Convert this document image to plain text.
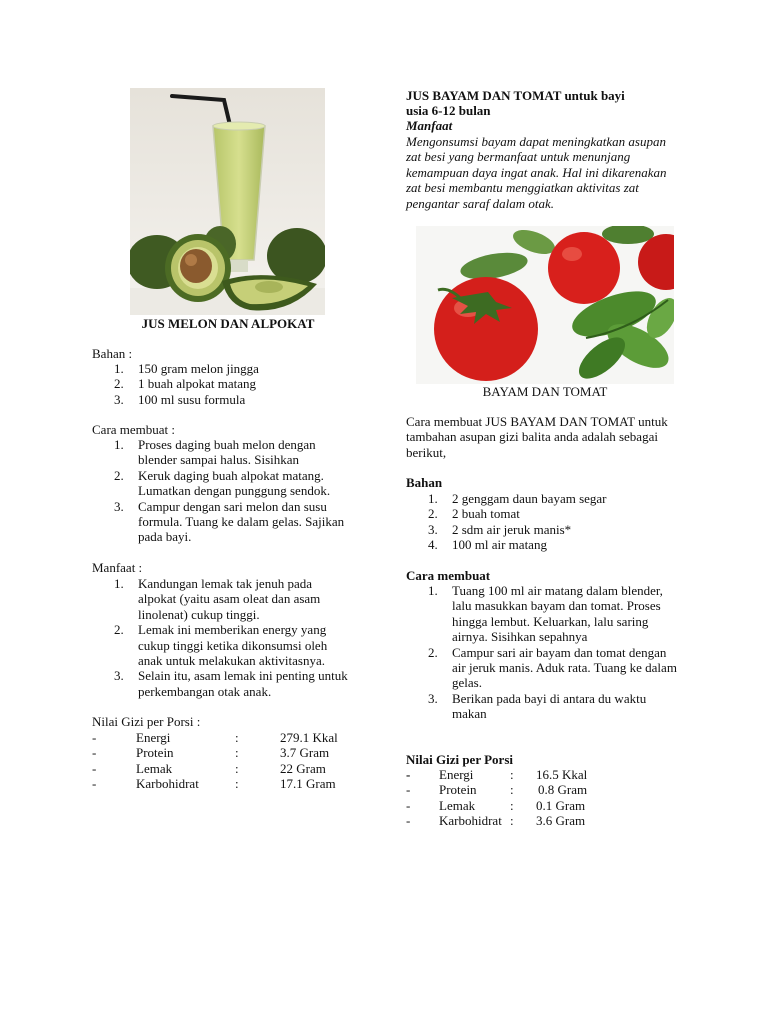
JUS MELON DAN ALPOKAT
Bahan :
1. 150 gram melon jingga
2. 1 buah alpokat matang
3. 100 ml susu formula
Cara membuat :
1. Proses daging buah melon dengan blender sampai halus. Sisihkan
2. Keruk daging buah alpokat matang. Lumatkan dengan punggung sendok.
3. Campur dengan sari melon dan susu formula. Tuang ke dalam gelas. Sajikan pada bayi.
Manfaat :
1. Kandungan lemak tak jenuh pada alpokat (yaitu asam oleat dan asam linolenat) cukup tinggi.
2. Lemak ini memberikan energy yang cukup tinggi ketika dikonsumsi oleh anak untuk melakukan aktivitasnya.
3. Selain itu, asam lemak ini penting untuk perkembangan otak anak.
Nilai Gizi per Porsi :
-	Energi	:	279.1 Kkal
-	Protein	:	3.7 Gram
-	Lemak	:	22 Gram
-	Karbohidrat	:	17.1 Gram
JUS BAYAM DAN TOMAT untuk bayi
usia 6-12 bulan
Manfaat
Mengonsumsi bayam dapat meningkatkan asupan zat besi yang bermanfaat untuk menunjang kemampuan daya ingat anak. Hal ini dikarenakan zat besi membantu menggiatkan aktivitas zat pengantar saraf dalam otak.
BAYAM DAN TOMAT
Cara membuat JUS BAYAM DAN TOMAT untuk tambahan asupan gizi balita anda adalah sebagai berikut,
Bahan
1. 2 genggam daun bayam segar
2. 2 buah tomat
3. 2 sdm air jeruk manis*
4. 100 ml air matang
Cara membuat
1. Tuang 100 ml air matang dalam blender, lalu masukkan bayam dan tomat. Proses hingga lembut. Keluarkan, lalu saring airnya. Sisihkan sepahnya
2. Campur sari air bayam dan tomat dengan air jeruk manis. Aduk rata. Tuang ke dalam gelas.
3. Berikan pada bayi di antara du waktu makan
Nilai Gizi per Porsi
- Energi	: 16.5 Kkal
- Protein	: 0.8 Gram
- Lemak	: 0.1 Gram
- Karbohidrat : 3.6 Gram
